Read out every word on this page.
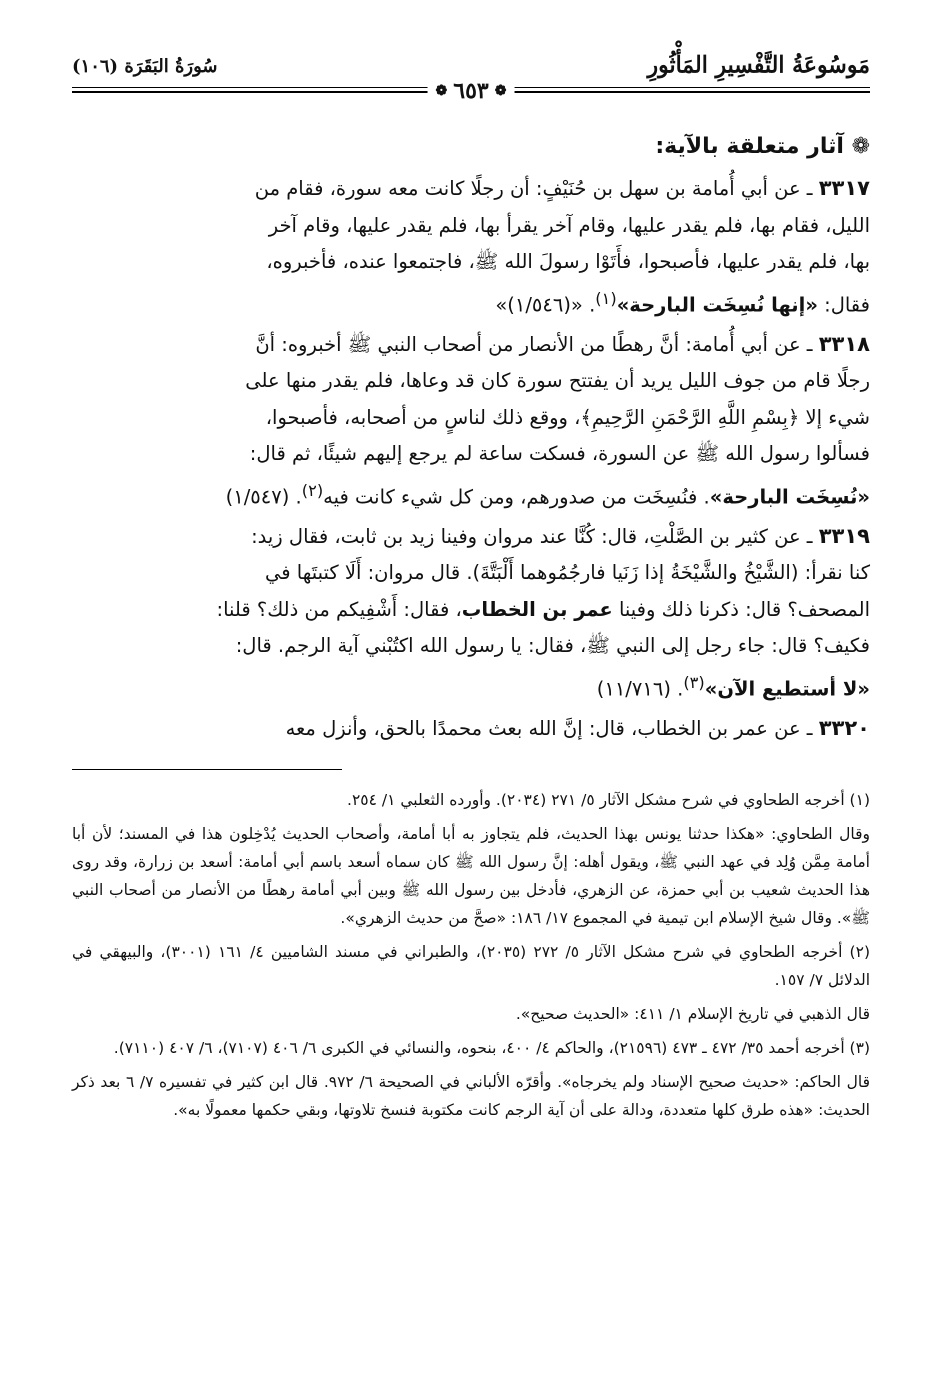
مَوسُوعَةُ التَّفْسِيرِ المَأْثُورِ
سُورَةُ البَقَرَة (١٠٦)
❁
٦٥٣
❁
❁ آثار متعلقة بالآية:
٣٣١٧ ـ عن أبي أُمامة بن سهل بن حُنَيْفٍ: أن رجلًا كانت معه سورة، فقام من
الليل، فقام بها، فلم يقدر عليها، وقام آخر يقرأ بها، فلم يقدر عليها، وقام آخر
بها، فلم يقدر عليها، فأصبحوا، فأَتَوْا رسولَ الله ﷺ، فاجتمعوا عنده، فأخبروه،
فقال: «إنها نُسِخَت البارحة»$^{(١)}$. «(١/٥٤٦)»
٣٣١٨ ـ عن أبي أُمامة: أنَّ رهطًا من الأنصار من أصحاب النبي ﷺ أخبروه: أنَّ
رجلًا قام من جوف الليل يريد أن يفتتح سورة كان قد وعاها، فلم يقدر منها على
شيء إلا ﴿بِسْمِ اللَّهِ الرَّحْمَنِ الرَّحِيمِ﴾، ووقع ذلك لناسٍ من أصحابه، فأصبحوا،
فسألوا رسول الله ﷺ عن السورة، فسكت ساعة لم يرجع إليهم شيئًا، ثم قال:
«نُسِخَت البارحة». فنُسِخَت من صدورهم، ومن كل شيء كانت فيه$^{(٢)}$. (١/٥٤٧)
٣٣١٩ ـ عن كثير بن الصَّلْتِ، قال: كُنَّا عند مروان وفينا زيد بن ثابت، فقال زيد:
كنا نقرأ: (الشَّيْخُ والشَّيْخَةُ إذا زَنَيا فارجُمُوهما أَلْبَتَّةَ). قال مروان: أَلَا كتبتَها في
المصحف؟ قال: ذكرنا ذلك وفينا عمر بن الخطاب، فقال: أَشْفِيكم من ذلك؟ قلنا:
فكيف؟ قال: جاء رجل إلى النبي ﷺ، فقال: يا رسول الله اكتُبْني آية الرجم. قال:
«لا أستطيع الآن»$^{(٣)}$. (١١/٧١٦)
٣٣٢٠ ـ عن عمر بن الخطاب، قال: إنَّ الله بعث محمدًا بالحق، وأنزل معه

(١) أخرجه الطحاوي في شرح مشكل الآثار ٥/ ٢٧١ (٢٠٣٤). وأورده الثعلبي ١/ ٢٥٤.

وقال الطحاوي: «هكذا حدثنا يونس بهذا الحديث، فلم يتجاوز به أبا أمامة، وأصحاب الحديث يُدْخِلون هذا في المسند؛ لأن أبا أمامة مِمَّن وُلِد في عهد النبي ﷺ، ويقول أهله: إنَّ رسول الله ﷺ كان سماه أسعد باسم أبي أمامة: أسعد بن زرارة، وقد روى هذا الحديث شعيب بن أبي حمزة، عن الزهري، فأدخل بين رسول الله ﷺ وبين أبي أمامة رهطًا من الأنصار من أصحاب النبي ﷺ». وقال شيخ الإسلام ابن تيمية في المجموع ١٧/ ١٨٦: «صحَّ من حديث الزهري».

(٢) أخرجه الطحاوي في شرح مشكل الآثار ٥/ ٢٧٢ (٢٠٣٥)، والطبراني في مسند الشاميين ٤/ ١٦١ (٣٠٠١)، والبيهقي في الدلائل ٧/ ١٥٧.

قال الذهبي في تاريخ الإسلام ١/ ٤١١: «الحديث صحيح».

(٣) أخرجه أحمد ٣٥/ ٤٧٢ ـ ٤٧٣ (٢١٥٩٦)، والحاكم ٤/ ٤٠٠، بنحوه، والنسائي في الكبرى ٦/ ٤٠٦ (٧١٠٧)، ٦/ ٤٠٧ (٧١١٠).

قال الحاكم: «حديث صحيح الإسناد ولم يخرجاه». وأقرّه الألباني في الصحيحة ٦/ ٩٧٢. قال ابن كثير في تفسيره ٧/ ٦ بعد ذكر الحديث: «هذه طرق كلها متعددة، ودالة على أن آية الرجم كانت مكتوبة فنسخ تلاوتها، وبقي حكمها معمولًا به».
